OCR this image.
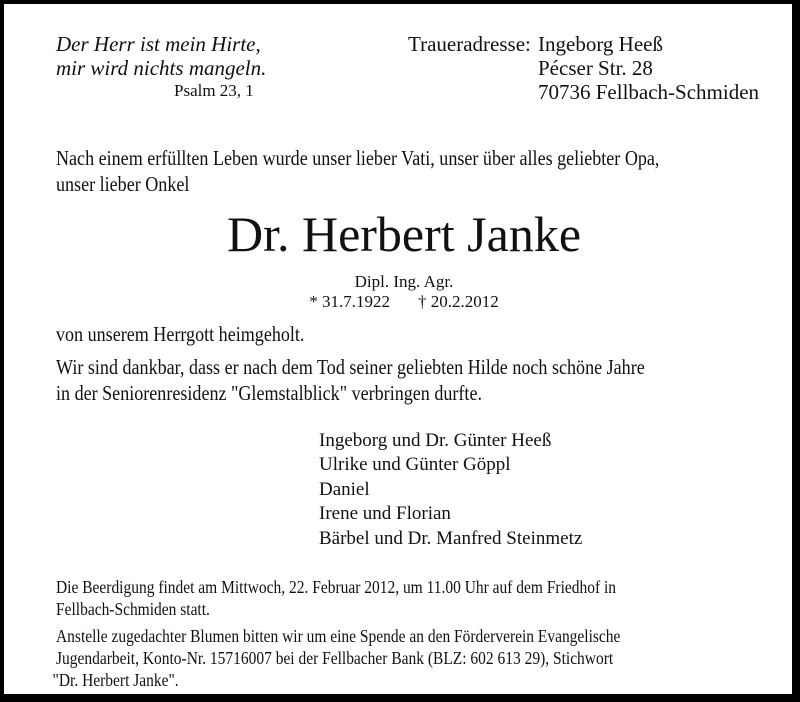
Der Herr ist mein Hirte,
mir wird nichts mangeln.
Psalm 23, 1
Traueradresse: Ingeborg Heeß
Pécser Str. 28
70736 Fellbach-Schmiden
Nach einem erfüllten Leben wurde unser lieber Vati, unser über alles geliebter Opa,
unser lieber Onkel
Dr. Herbert Janke
Dipl. Ing. Agr.
* 31.7.1922 † 20.2.2012
von unserem Herrgott heimgeholt.
Wir sind dankbar, dass er nach dem Tod seiner geliebten Hilde noch schöne Jahre
in der Seniorenresidenz "Glemstalblick" verbringen durfte.
Ingeborg und Dr. Günter Heeß
Ulrike und Günter Göppl
Daniel
Irene und Florian
Bärbel und Dr. Manfred Steinmetz
Die Beerdigung findet am Mittwoch, 22. Februar 2012, um 11.00 Uhr auf dem Friedhof in
Fellbach-Schmiden statt.
Anstelle zugedachter Blumen bitten wir um eine Spende an den Förderverein Evangelische
Jugendarbeit, Konto-Nr. 15716007 bei der Fellbacher Bank (BLZ: 602 613 29), Stichwort
"Dr. Herbert Janke".
